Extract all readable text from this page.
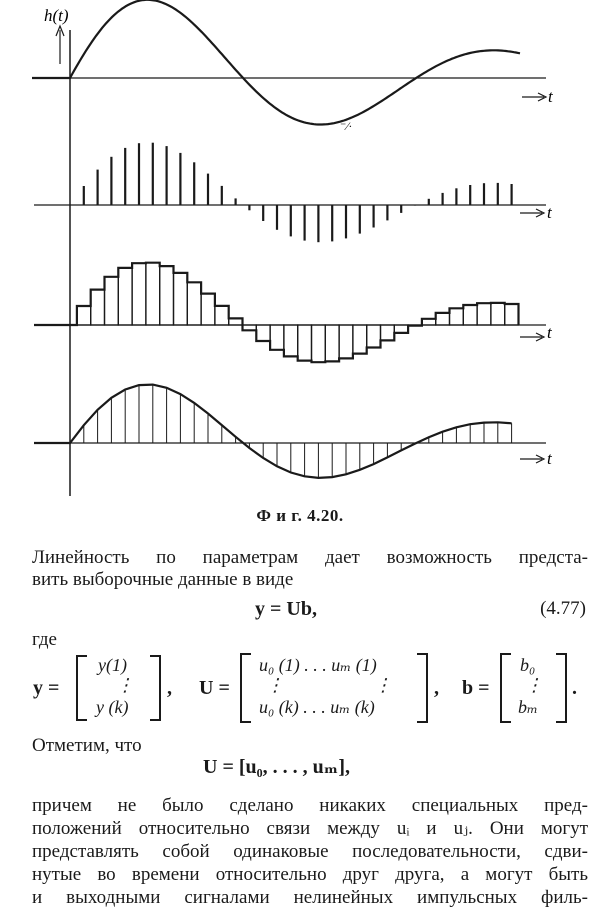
h(t)
t
t
t
t
⁻⁄·
Ф и г. 4.20.
Линейность по параметрам дает возможность предста-
вить выборочные данные в виде
y = Ub,	(4.77)
где
y =
y(1)
⋮
y (k)
, U =
u₀ (1) . . . uₘ (1)
⋮                    ⋮
u₀ (k) . . . uₘ (k)
, b =
b₀
⋮
bₘ
.
Отметим, что
U = [u₀, . . . , uₘ],
причем не было сделано никаких специальных пред-
положений относительно связи между uᵢ и uⱼ. Они могут
представлять собой одинаковые последовательности, сдви-
нутые во времени относительно друг друга, а могут быть
и выходными сигналами нелинейных импульсных филь-
